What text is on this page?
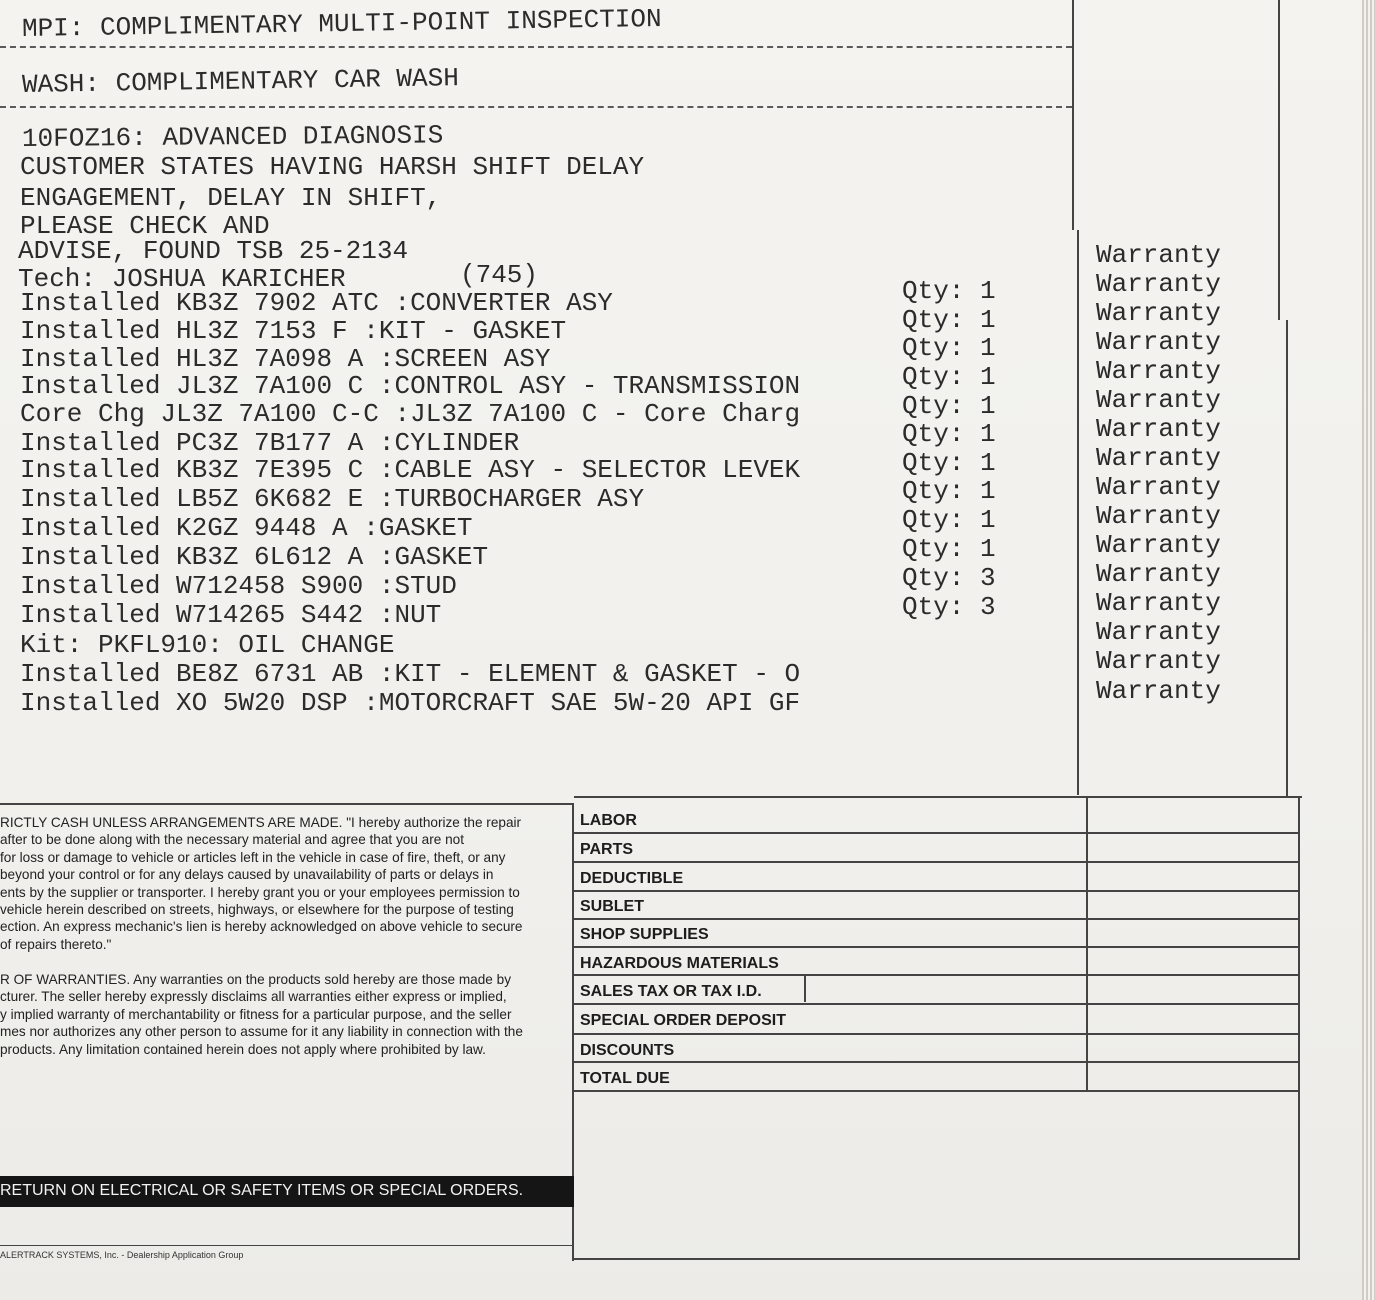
MPI: COMPLIMENTARY MULTI-POINT INSPECTION
WASH: COMPLIMENTARY CAR WASH
10FOZ16: ADVANCED DIAGNOSIS
CUSTOMER STATES HAVING HARSH SHIFT DELAY
ENGAGEMENT, DELAY IN SHIFT,
PLEASE CHECK AND
ADVISE, FOUND TSB 25-2134
Tech: JOSHUA KARICHER	(745)
Installed KB3Z 7902 ATC :CONVERTER ASY
Installed HL3Z 7153 F :KIT - GASKET
Installed HL3Z 7A098 A :SCREEN ASY
Installed JL3Z 7A100 C :CONTROL ASY - TRANSMISSION
Core Chg JL3Z 7A100 C-C :JL3Z 7A100 C - Core Charg
Installed PC3Z 7B177 A :CYLINDER
Installed KB3Z 7E395 C :CABLE ASY - SELECTOR LEVEK
Installed LB5Z 6K682 E :TURBOCHARGER ASY
Installed K2GZ 9448 A :GASKET
Installed KB3Z 6L612 A :GASKET
Installed W712458 S900 :STUD
Installed W714265 S442 :NUT
Kit: PKFL910: OIL CHANGE
Installed BE8Z 6731 AB :KIT - ELEMENT & GASKET - O
Installed XO 5W20 DSP :MOTORCRAFT SAE 5W-20 API GF
Qty: 1
Qty: 1
Qty: 1
Qty: 1
Qty: 1
Qty: 1
Qty: 1
Qty: 1
Qty: 1
Qty: 1
Qty: 3
Qty: 3
Warranty
Warranty
Warranty
Warranty
Warranty
Warranty
Warranty
Warranty
Warranty
Warranty
Warranty
Warranty
Warranty
Warranty
Warranty
Warranty
RICTLY CASH UNLESS ARRANGEMENTS ARE MADE. "I hereby authorize the repair
after to be done along with the necessary material and agree that you are not
for loss or damage to vehicle or articles left in the vehicle in case of fire, theft, or any
beyond your control or for any delays caused by unavailability of parts or delays in
ents by the supplier or transporter. I hereby grant you or your employees permission to
vehicle herein described on streets, highways, or elsewhere for the purpose of testing
ection. An express mechanic's lien is hereby acknowledged on above vehicle to secure
of repairs thereto."
R OF WARRANTIES. Any warranties on the products sold hereby are those made by
cturer. The seller hereby expressly disclaims all warranties either express or implied,
y implied warranty of merchantability or fitness for a particular purpose, and the seller
mes nor authorizes any other person to assume for it any liability in connection with the
products. Any limitation contained herein does not apply where prohibited by law.
LABOR
PARTS
DEDUCTIBLE
SUBLET
SHOP SUPPLIES
HAZARDOUS MATERIALS
SALES TAX OR TAX I.D.
SPECIAL ORDER DEPOSIT
DISCOUNTS
TOTAL DUE
RETURN ON ELECTRICAL OR SAFETY ITEMS OR SPECIAL ORDERS.
ALERTRACK SYSTEMS, Inc. - Dealership Application Group
